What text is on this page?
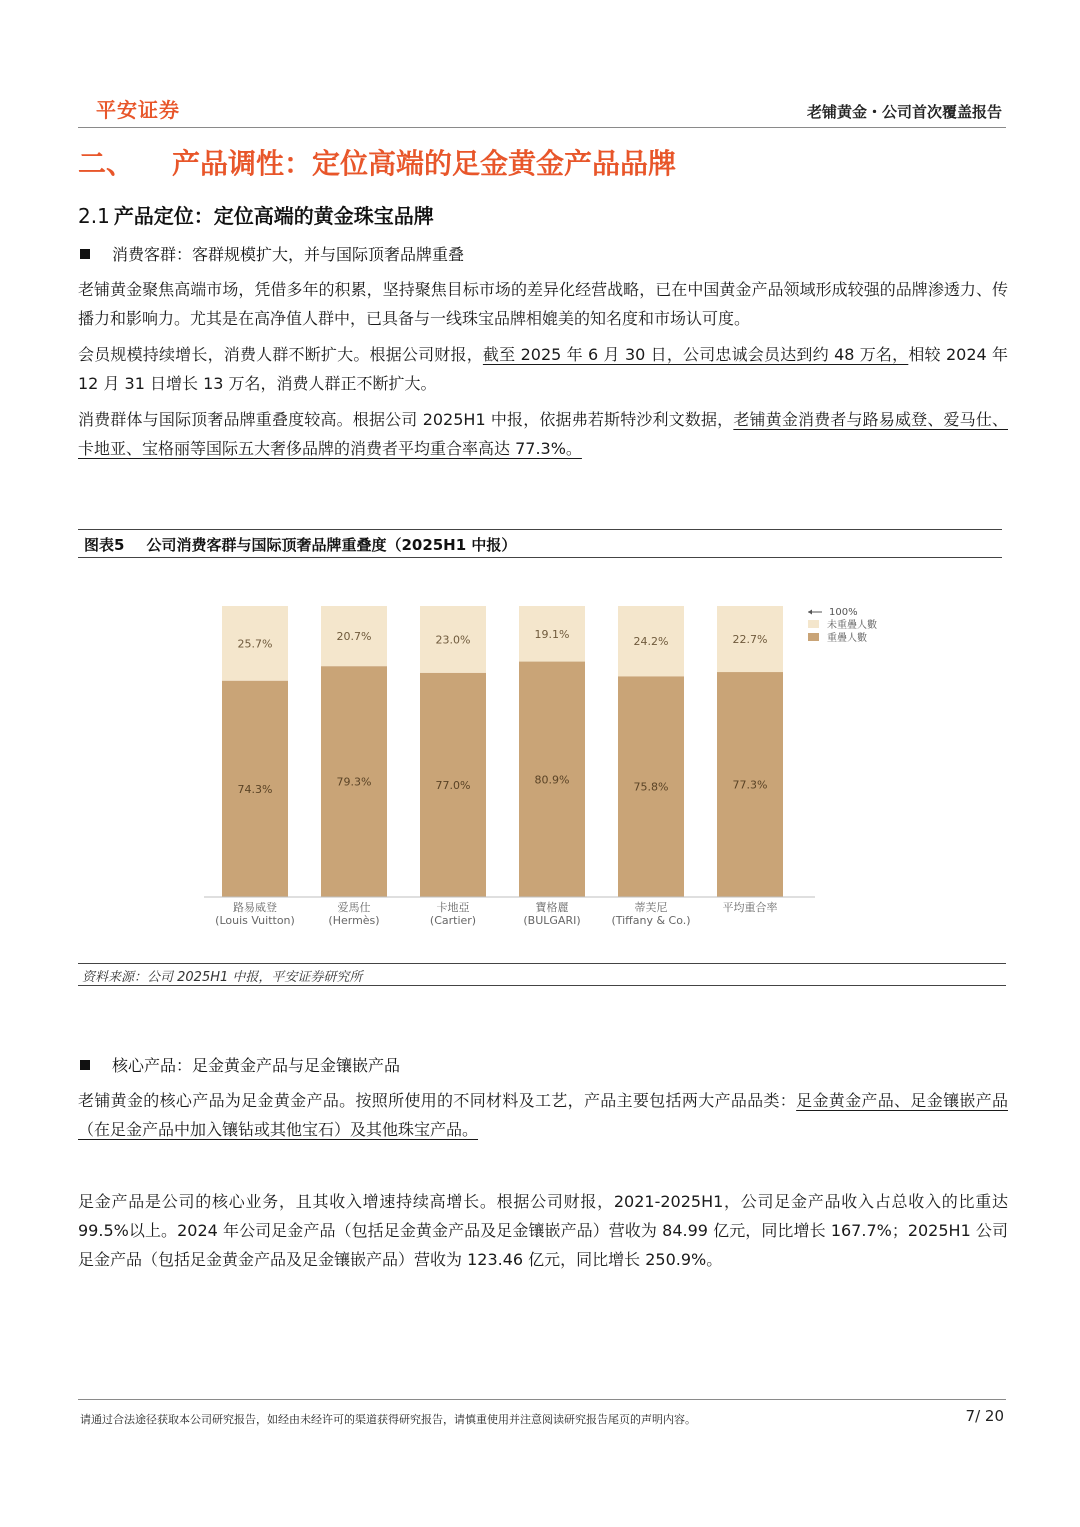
平安证券	老铺黄金・公司首次覆盖报告
二、 产品调性：定位高端的足金黄金产品品牌
2.1 产品定位：定位高端的黄金珠宝品牌
消费客群：客群规模扩大，并与国际顶奢品牌重叠
老铺黄金聚焦高端市场，凭借多年的积累，坚持聚焦目标市场的差异化经营战略，已在中国黄金产品领域形成较强的品牌渗透力、传播力和影响力。尤其是在高净值人群中，已具备与一线珠宝品牌相媲美的知名度和市场认可度。
会员规模持续增长，消费人群不断扩大。根据公司财报，截至 2025 年 6 月 30 日，公司忠诚会员达到约 48 万名，相较 2024 年 12 月 31 日增长 13 万名，消费人群正不断扩大。
消费群体与国际顶奢品牌重叠度较高。根据公司 2025H1 中报，依据弗若斯特沙利文数据，老铺黄金消费者与路易威登、爱马仕、卡地亚、宝格丽等国际五大奢侈品牌的消费者平均重合率高达 77.3%。
图表5 公司消费客群与国际顶奢品牌重叠度（2025H1 中报）
25.7%
74.3%
20.7%
79.3%
23.0%
77.0%
19.1%
80.9%
24.2%
75.8%
22.7%
77.3%
路易威登
(Louis Vuitton)
爱馬仕
(Hermès)
卡地亞
(Cartier)
寶格麗
(BULGARI)
蒂芙尼
(Tiffany & Co.)
平均重合率
100%
未重疊人數
重疊人數
资料来源：公司 2025H1 中报，平安证券研究所
核心产品：足金黄金产品与足金镶嵌产品
老铺黄金的核心产品为足金黄金产品。按照所使用的不同材料及工艺，产品主要包括两大产品品类：足金黄金产品、足金镶嵌产品（在足金产品中加入镶钻或其他宝石）及其他珠宝产品。
足金产品是公司的核心业务，且其收入增速持续高增长。根据公司财报，2021-2025H1，公司足金产品收入占总收入的比重达 99.5%以上。2024 年公司足金产品（包括足金黄金产品及足金镶嵌产品）营收为 84.99 亿元，同比增长 167.7%；2025H1 公司足金产品（包括足金黄金产品及足金镶嵌产品）营收为 123.46 亿元，同比增长 250.9%。
请通过合法途径获取本公司研究报告，如经由未经许可的渠道获得研究报告，请慎重使用并注意阅读研究报告尾页的声明内容。	7/ 20
